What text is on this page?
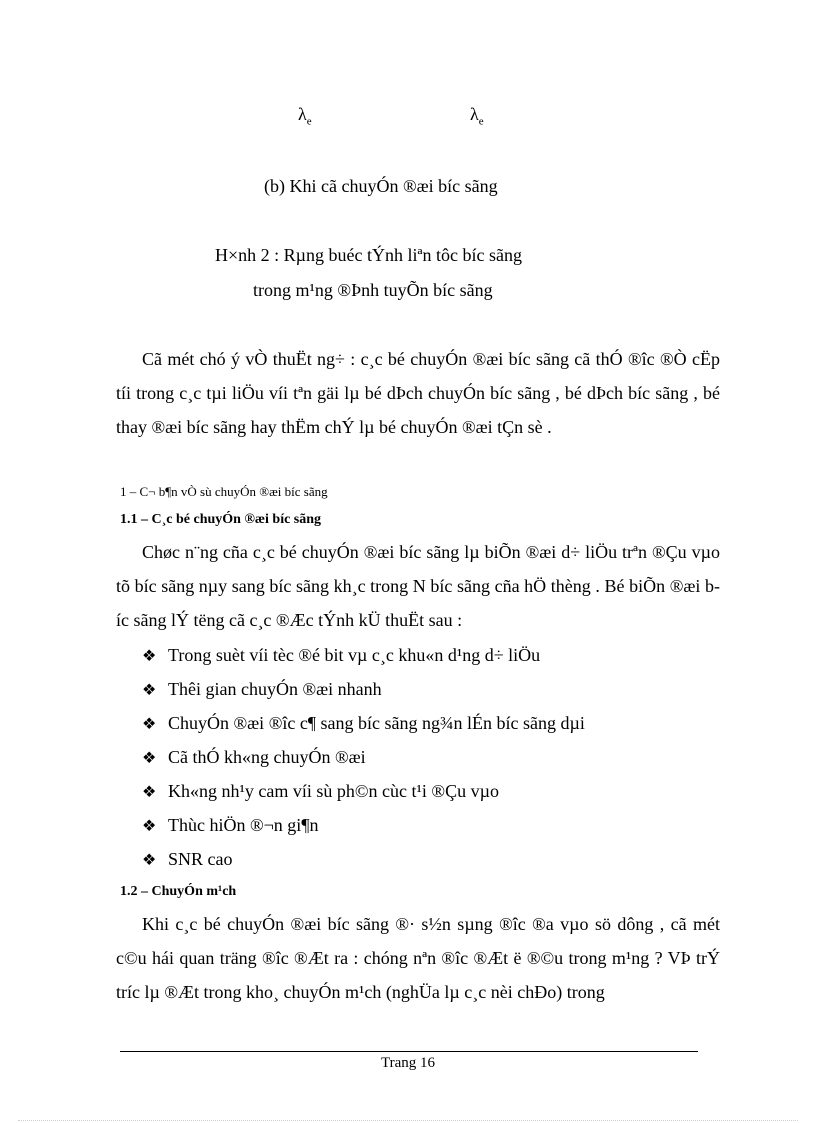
$\lambda_e$	$\lambda_e$
(b) Khi cã chuyÓn ®æi bíc sãng
H×nh 2 : Rµng buéc tÝnh liªn tôc bíc sãng
trong m¹ng ®Þnh tuyÕn bíc sãng

Cã mét chó ý vÒ thuËt ng÷ : c¸c bé chuyÓn ®æi bíc sãng cã thÓ ®îc ®Ò cËp tíi trong c¸c tµi liÖu víi tªn gäi lµ bé dÞch chuyÓn bíc sãng , bé dÞch bíc sãng , bé thay ®æi bíc sãng hay thËm chÝ lµ bé chuyÓn ®æi tÇn sè .

1 – C¬ b¶n vÒ sù chuyÓn ®æi bíc sãng
1.1 – C¸c bé chuyÓn ®æi bíc sãng

Chøc n¨ng cña c¸c bé chuyÓn ®æi bíc sãng lµ biÕn ®æi d÷ liÖu trªn ®Çu vµo tõ bíc sãng nµy sang bíc sãng kh¸c trong N bíc sãng cña hÖ thèng . Bé biÕn ®æi bíc sãng lÝ tëng cã c¸c ®Æc tÝnh kÜ thuËt sau :

❖ Trong suèt víi tèc ®é bit vµ c¸c khu«n d¹ng d÷ liÖu
❖ Thêi gian chuyÓn ®æi nhanh
❖ ChuyÓn ®æi ®îc c¶ sang bíc sãng ng¾n lÉn bíc sãng dµi
❖ Cã thÓ kh«ng chuyÓn ®æi
❖ Kh«ng nh¹y cam víi sù ph©n cùc t¹i ®Çu vµo
❖ Thùc hiÖn ®¬n gi¶n
❖ SNR cao
1.2 – ChuyÓn m¹ch

Khi c¸c bé chuyÓn ®æi bíc sãng ®· s½n sµng ®îc ®a vµo sö dông , cã mét c©u hái quan träng ®îc ®Æt ra : chóng nªn ®îc ®Æt ë ®©u trong m¹ng ? VÞ trÝ tríc lµ ®Æt trong kho¸ chuyÓn m¹ch (nghÜa lµ c¸c nèi chÐo) trong

Trang 16
